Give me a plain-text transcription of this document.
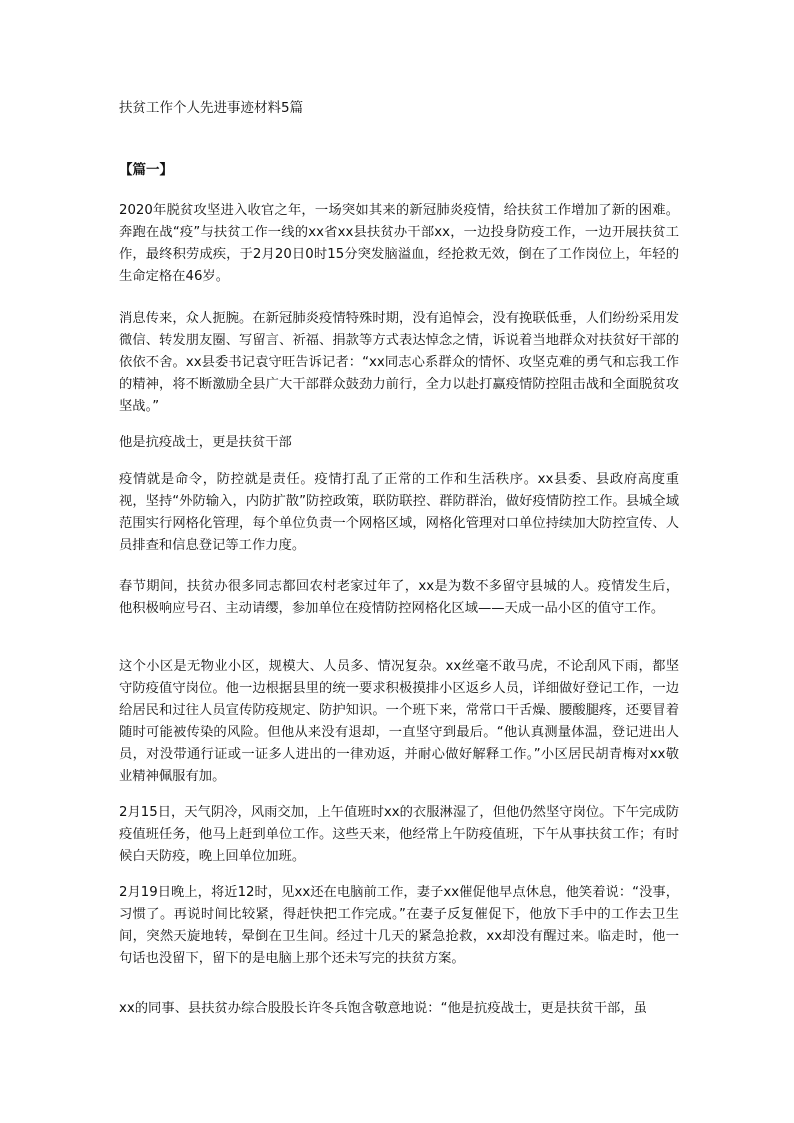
扶贫工作个人先进事迹材料5篇
【篇一】

2020年脱贫攻坚进入收官之年，一场突如其来的新冠肺炎疫情，给扶贫工作增加了新的困难。奔跑在战“疫”与扶贫工作一线的xx省xx县扶贫办干部xx，一边投身防疫工作，一边开展扶贫工作，最终积劳成疾，于2月20日0时15分突发脑溢血，经抢救无效，倒在了工作岗位上，年轻的生命定格在46岁。

消息传来，众人扼腕。在新冠肺炎疫情特殊时期，没有追悼会，没有挽联低垂，人们纷纷采用发微信、转发朋友圈、写留言、祈福、捐款等方式表达悼念之情，诉说着当地群众对扶贫好干部的依依不舍。xx县委书记袁守旺告诉记者：“xx同志心系群众的情怀、攻坚克难的勇气和忘我工作的精神，将不断激励全县广大干部群众鼓劲力前行，全力以赴打赢疫情防控阻击战和全面脱贫攻坚战。”

他是抗疫战士，更是扶贫干部

疫情就是命令，防控就是责任。疫情打乱了正常的工作和生活秩序。xx县委、县政府高度重视，坚持“外防输入，内防扩散”防控政策，联防联控、群防群治，做好疫情防控工作。县城全域范围实行网格化管理，每个单位负责一个网格区域，网格化管理对口单位持续加大防控宣传、人员排查和信息登记等工作力度。

春节期间，扶贫办很多同志都回农村老家过年了，xx是为数不多留守县城的人。疫情发生后，他积极响应号召、主动请缨，参加单位在疫情防控网格化区域——天成一品小区的值守工作。

这个小区是无物业小区，规模大、人员多、情况复杂。xx丝毫不敢马虎，不论刮风下雨，都坚守防疫值守岗位。他一边根据县里的统一要求积极摸排小区返乡人员，详细做好登记工作，一边给居民和过往人员宣传防疫规定、防护知识。一个班下来，常常口干舌燥、腰酸腿疼，还要冒着随时可能被传染的风险。但他从来没有退却，一直坚守到最后。“他认真测量体温，登记进出人员，对没带通行证或一证多人进出的一律劝返，并耐心做好解释工作。”小区居民胡青梅对xx敬业精神佩服有加。

2月15日，天气阴冷，风雨交加，上午值班时xx的衣服淋湿了，但他仍然坚守岗位。下午完成防疫值班任务，他马上赶到单位工作。这些天来，他经常上午防疫值班，下午从事扶贫工作；有时候白天防疫，晚上回单位加班。

2月19日晚上，将近12时，见xx还在电脑前工作，妻子xx催促他早点休息，他笑着说：“没事，习惯了。再说时间比较紧，得赶快把工作完成。”在妻子反复催促下，他放下手中的工作去卫生间，突然天旋地转，晕倒在卫生间。经过十几天的紧急抢救，xx却没有醒过来。临走时，他一句话也没留下，留下的是电脑上那个还未写完的扶贫方案。

xx的同事、县扶贫办综合股股长许冬兵饱含敬意地说：“他是抗疫战士，更是扶贫干部，虽
